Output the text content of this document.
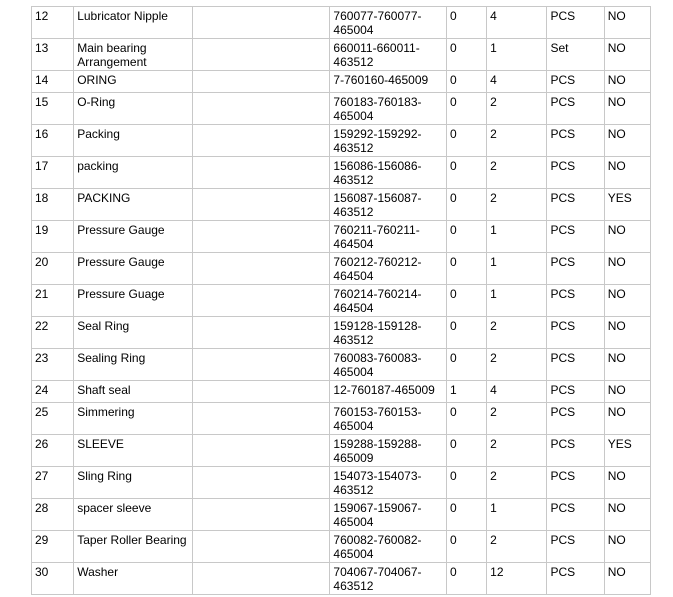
12	Lubricator Nipple		760077-760077-465004	0	4	PCS	NO
13	Main bearing Arrangement		660011-660011-463512	0	1	Set	NO
14	ORING		7-760160-465009	0	4	PCS	NO
15	O-Ring		760183-760183-465004	0	2	PCS	NO
16	Packing		159292-159292-463512	0	2	PCS	NO
17	packing		156086-156086-463512	0	2	PCS	NO
18	PACKING		156087-156087-463512	0	2	PCS	YES
19	Pressure Gauge		760211-760211-464504	0	1	PCS	NO
20	Pressure Gauge		760212-760212-464504	0	1	PCS	NO
21	Pressure Guage		760214-760214-464504	0	1	PCS	NO
22	Seal Ring		159128-159128-463512	0	2	PCS	NO
23	Sealing Ring		760083-760083-465004	0	2	PCS	NO
24	Shaft seal		12-760187-465009	1	4	PCS	NO
25	Simmering		760153-760153-465004	0	2	PCS	NO
26	SLEEVE		159288-159288-465009	0	2	PCS	YES
27	Sling Ring		154073-154073-463512	0	2	PCS	NO
28	spacer sleeve		159067-159067-465004	0	1	PCS	NO
29	Taper Roller Bearing		760082-760082-465004	0	2	PCS	NO
30	Washer		704067-704067-463512	0	12	PCS	NO
